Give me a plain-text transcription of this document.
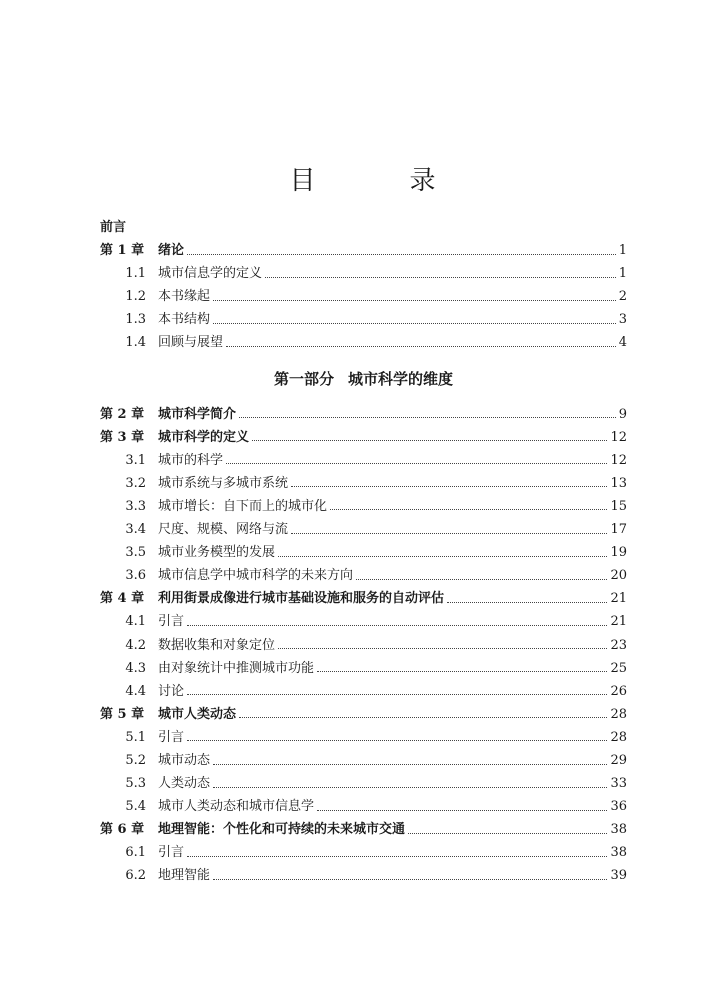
目　录
前言
第 1 章	绪论	1
1.1 城市信息学的定义	1
1.2 本书缘起	2
1.3 本书结构	3
1.4 回顾与展望	4
第一部分 城市科学的维度
第 2 章	城市科学简介	9
第 3 章	城市科学的定义	12
3.1 城市的科学	12
3.2 城市系统与多城市系统	13
3.3 城市增长：自下而上的城市化	15
3.4 尺度、规模、网络与流	17
3.5 城市业务模型的发展	19
3.6 城市信息学中城市科学的未来方向	20
第 4 章	利用街景成像进行城市基础设施和服务的自动评估	21
4.1 引言	21
4.2 数据收集和对象定位	23
4.3 由对象统计中推测城市功能	25
4.4 讨论	26
第 5 章	城市人类动态	28
5.1 引言	28
5.2 城市动态	29
5.3 人类动态	33
5.4 城市人类动态和城市信息学	36
第 6 章	地理智能：个性化和可持续的未来城市交通	38
6.1 引言	38
6.2 地理智能	39
